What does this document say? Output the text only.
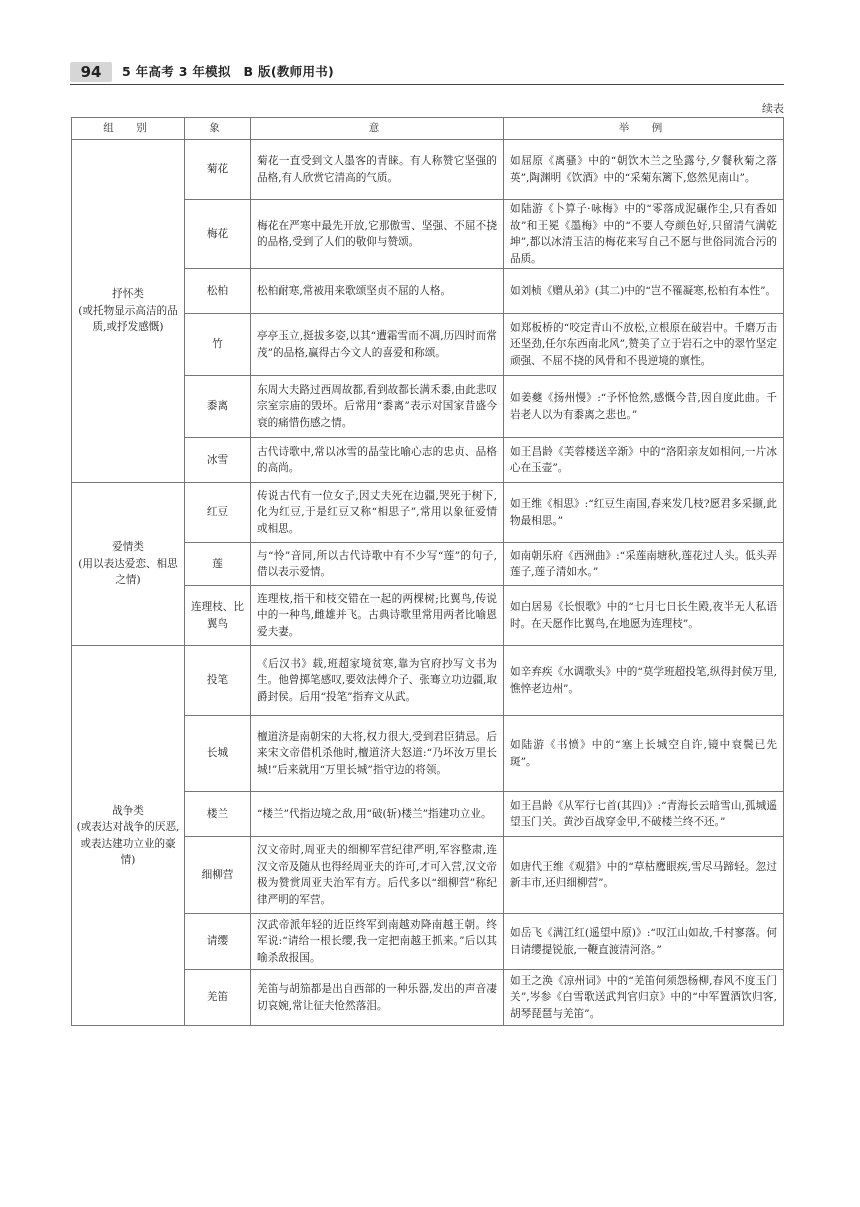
94	5 年高考 3 年模拟　B 版(教师用书)
续表
组　别	象	意	举　例

抒怀类
(或托物显示高洁的品质,或抒发感慨)	菊花	菊花一直受到文人墨客的青睐。有人称赞它坚强的品格,有人欣赏它清高的气质。	如屈原《离骚》中的“朝饮木兰之坠露兮,夕餐秋菊之落英”,陶渊明《饮酒》中的“采菊东篱下,悠然见南山”。
	梅花	梅花在严寒中最先开放,它那傲雪、坚强、不屈不挠的品格,受到了人们的敬仰与赞颂。	如陆游《卜算子·咏梅》中的“零落成泥碾作尘,只有香如故”和王冕《墨梅》中的“不要人夸颜色好,只留清气满乾坤”,都以冰清玉洁的梅花来写自己不愿与世俗同流合污的品质。
	松柏	松柏耐寒,常被用来歌颂坚贞不屈的人格。	如刘桢《赠从弟》(其二)中的“岂不罹凝寒,松柏有本性”。
	竹	亭亭玉立,挺拔多姿,以其“遭霜雪而不凋,历四时而常茂”的品格,赢得古今文人的喜爱和称颂。	如郑板桥的“咬定青山不放松,立根原在破岩中。千磨万击还坚劲,任尔东西南北风”,赞美了立于岩石之中的翠竹坚定顽强、不屈不挠的风骨和不畏逆境的禀性。
	黍离	东周大夫路过西周故都,看到故都长满禾黍,由此悲叹宗室宗庙的毁坏。后常用“黍离”表示对国家昔盛今衰的痛惜伤感之情。	如姜夔《扬州慢》:“予怀怆然,感慨今昔,因自度此曲。千岩老人以为有黍离之悲也。”
	冰雪	古代诗歌中,常以冰雪的晶莹比喻心志的忠贞、品格的高尚。	如王昌龄《芙蓉楼送辛渐》中的“洛阳亲友如相问,一片冰心在玉壶”。

爱情类
(用以表达爱恋、相思之情)	红豆	传说古代有一位女子,因丈夫死在边疆,哭死于树下,化为红豆,于是红豆又称“相思子”,常用以象征爱情或相思。	如王维《相思》:“红豆生南国,春来发几枝?愿君多采撷,此物最相思。”
	莲	与“怜”音同,所以古代诗歌中有不少写“莲”的句子,借以表示爱情。	如南朝乐府《西洲曲》:“采莲南塘秋,莲花过人头。低头弄莲子,莲子清如水。”
	连理枝、比翼鸟	连理枝,指干和枝交错在一起的两棵树;比翼鸟,传说中的一种鸟,雌雄并飞。古典诗歌里常用两者比喻恩爱夫妻。	如白居易《长恨歌》中的“七月七日长生殿,夜半无人私语时。在天愿作比翼鸟,在地愿为连理枝”。

战争类
(或表达对战争的厌恶,或表达建功立业的豪情)	投笔	《后汉书》载,班超家境贫寒,靠为官府抄写文书为生。他曾掷笔感叹,要效法傅介子、张骞立功边疆,取爵封侯。后用“投笔”指弃文从武。	如辛弃疾《水调歌头》中的“莫学班超投笔,纵得封侯万里,憔悴老边州”。
	长城	檀道济是南朝宋的大将,权力很大,受到君臣猜忌。后来宋文帝借机杀他时,檀道济大怒道:“乃坏汝万里长城!”后来就用“万里长城”指守边的将领。	如陆游《书愤》中的“塞上长城空自许,镜中衰鬓已先斑”。
	楼兰	“楼兰”代指边境之敌,用“破(斩)楼兰”指建功立业。	如王昌龄《从军行七首(其四)》:“青海长云暗雪山,孤城遥望玉门关。黄沙百战穿金甲,不破楼兰终不还。”
	细柳营	汉文帝时,周亚夫的细柳军营纪律严明,军容整肃,连汉文帝及随从也得经周亚夫的许可,才可入营,汉文帝极为赞赏周亚夫治军有方。后代多以“细柳营”称纪律严明的军营。	如唐代王维《观猎》中的“草枯鹰眼疾,雪尽马蹄轻。忽过新丰市,还归细柳营”。
	请缨	汉武帝派年轻的近臣终军到南越劝降南越王朝。终军说:“请给一根长缨,我一定把南越王抓来。”后以其喻杀敌报国。	如岳飞《满江红(遥望中原)》:“叹江山如故,千村寥落。何日请缨提锐旅,一鞭直渡清河洛。”
	羌笛	羌笛与胡笳都是出自西部的一种乐器,发出的声音凄切哀婉,常让征夫怆然落泪。	如王之涣《凉州词》中的“羌笛何须怨杨柳,春风不度玉门关”,岑参《白雪歌送武判官归京》中的“中军置酒饮归客,胡琴琵琶与羌笛”。
